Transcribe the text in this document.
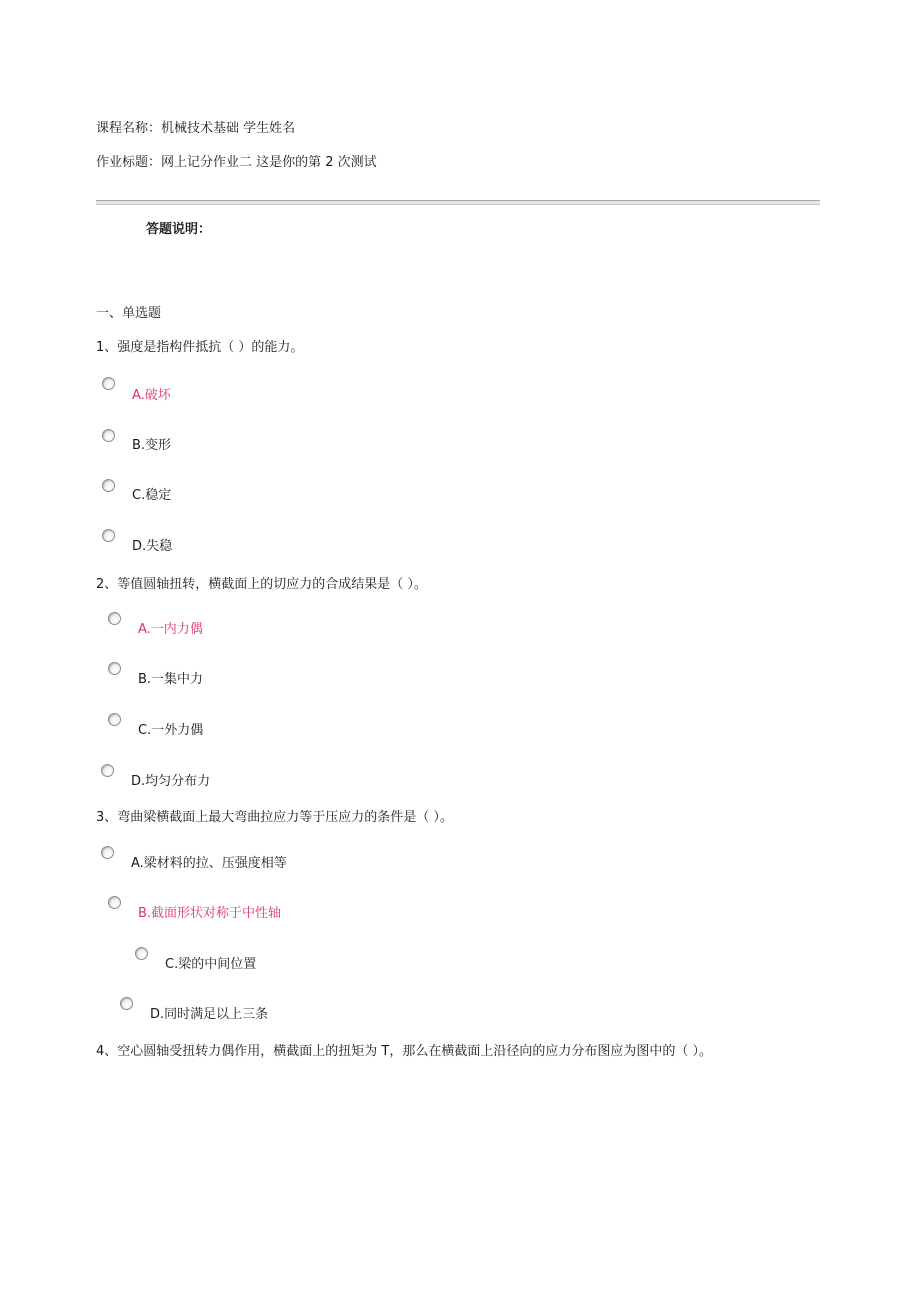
课程名称：机械技术基础 学生姓名
作业标题：网上记分作业二 这是你的第 2 次测试
答题说明：
一、单选题
1、强度是指构件抵抗（ ）的能力。
A.破坏
B.变形
C.稳定
D.失稳
2、等值圆轴扭转，横截面上的切应力的合成结果是（ ）。
A.一内力偶
B.一集中力
C.一外力偶
D.均匀分布力
3、弯曲梁横截面上最大弯曲拉应力等于压应力的条件是（ ）。
A.梁材料的拉、压强度相等
B.截面形状对称于中性轴
C.梁的中间位置
D.同时满足以上三条
4、空心圆轴受扭转力偶作用，横截面上的扭矩为 T，那么在横截面上沿径向的应力分布图应为图中的（ ）。
